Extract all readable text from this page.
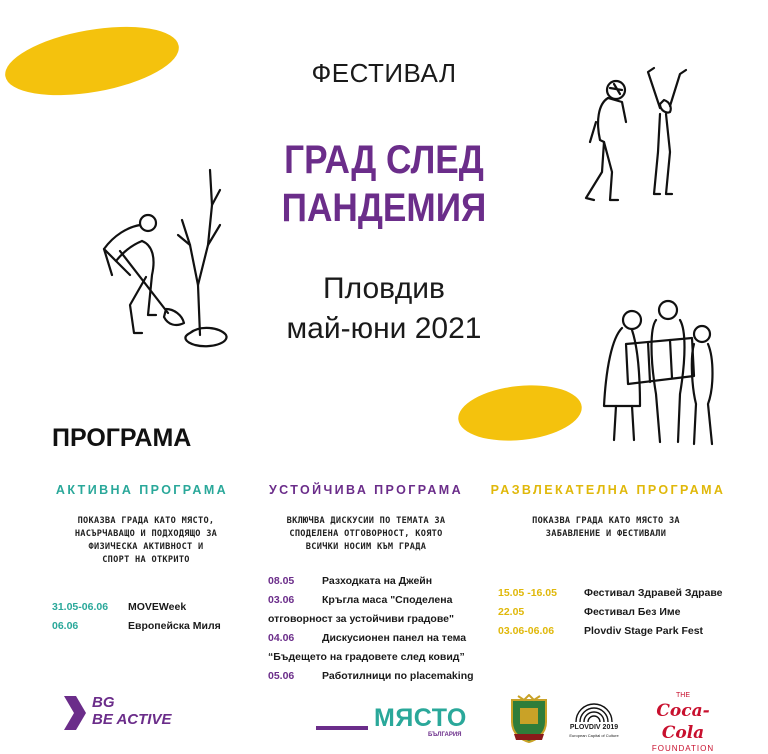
ФЕСТИВАЛ
ГРАД СЛЕД
ПАНДЕМИЯ
Пловдив
май-юни 2021
ПРОГРАМА
АКТИВНА ПРОГРАМА
ПОКАЗВА ГРАДА КАТО МЯСТО,
НАСЪРЧАВАЩО И ПОДХОДЯЩО ЗА
ФИЗИЧЕСКА АКТИВНОСТ И
СПОРТ НА ОТКРИТО
31.05-06.06 MOVEWeek
06.06	Европейска Миля
УСТОЙЧИВА ПРОГРАМА
ВКЛЮЧВА ДИСКУСИИ ПО ТЕМАТА ЗА
СПОДЕЛЕНА ОТГОВОРНОСТ, КОЯТО
ВСИЧКИ НОСИМ КЪМ ГРАДА
08.05	Разходката на Джейн
03.06	Кръгла маса "Споделена
отговорност за устойчиви градове"
04.06	Дискусионен панел на тема
“Бъдещето на градовете след ковид”
05.06	Работилници по placemaking
РАЗВЛЕКАТЕЛНА ПРОГРАМА
ПОКАЗВА ГРАДА КАТО МЯСТО ЗА
ЗАБАВЛЕНИЕ И ФЕСТИВАЛИ
15.05 -16.05	Фестивал Здравей Здраве
22.05	Фестивал Без Име
03.06-06.06	Plovdiv Stage Park Fest
BG
BE ACTIVE	МЯСТО
БЪЛГАРИЯ
PLOVDIV 2019
European Capital of Culture
THE
Coca-Cola
FOUNDATION
